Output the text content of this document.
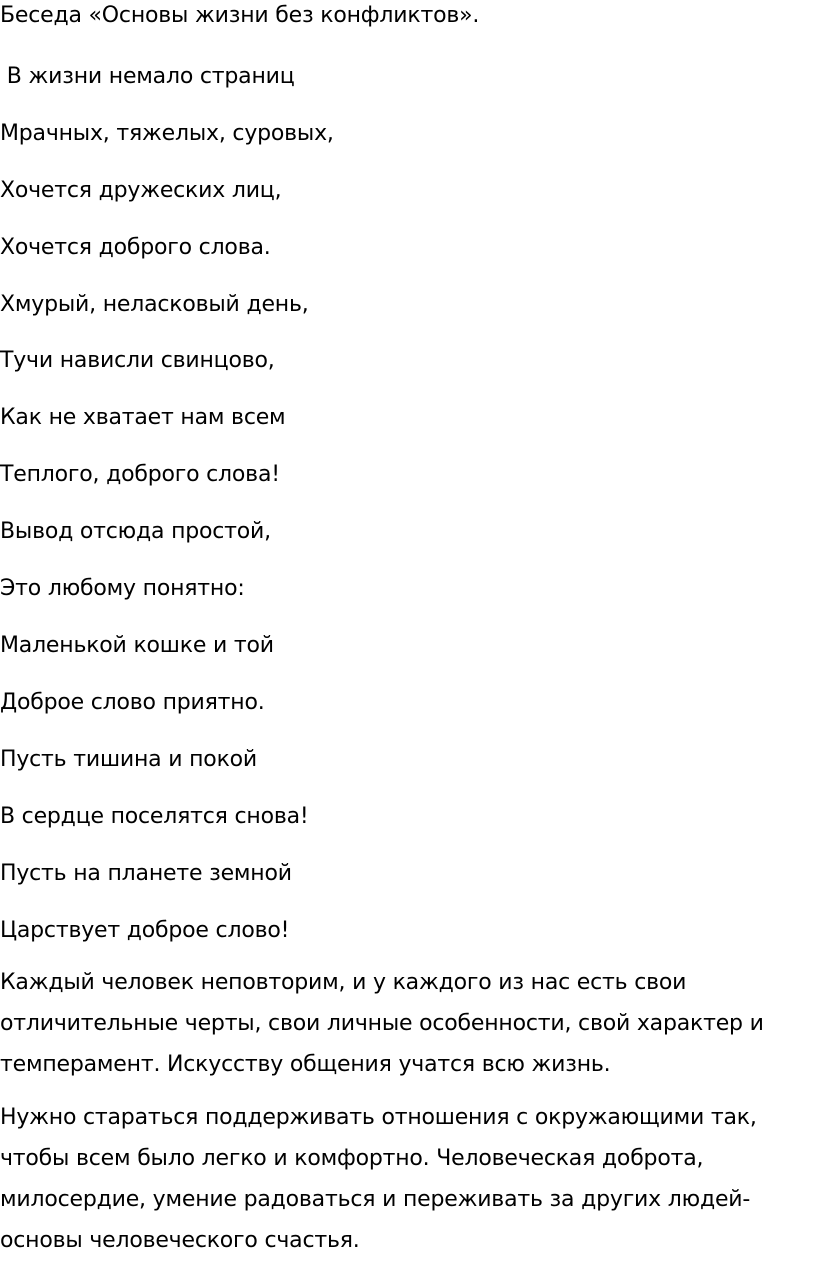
Беседа «Основы жизни без конфликтов».
В жизни немало страниц
Мрачных, тяжелых, суровых,
Хочется дружеских лиц,
Хочется доброго слова.
Хмурый, неласковый день,
Тучи нависли свинцово,
Как не хватает нам всем
Теплого, доброго слова!
Вывод отсюда простой,
Это любому понятно:
Маленькой кошке и той
Доброе слово приятно.
Пусть тишина и покой
В сердце поселятся снова!
Пусть на планете земной
Царствует доброе слово!
Каждый человек неповторим, и у каждого из нас есть свои
отличительные черты, свои личные особенности, свой характер и
темперамент. Искусству общения учатся всю жизнь.
Нужно стараться поддерживать отношения с окружающими так,
чтобы всем было легко и комфортно. Человеческая доброта,
милосердие, умение радоваться и переживать за других людей-
основы человеческого счастья.
